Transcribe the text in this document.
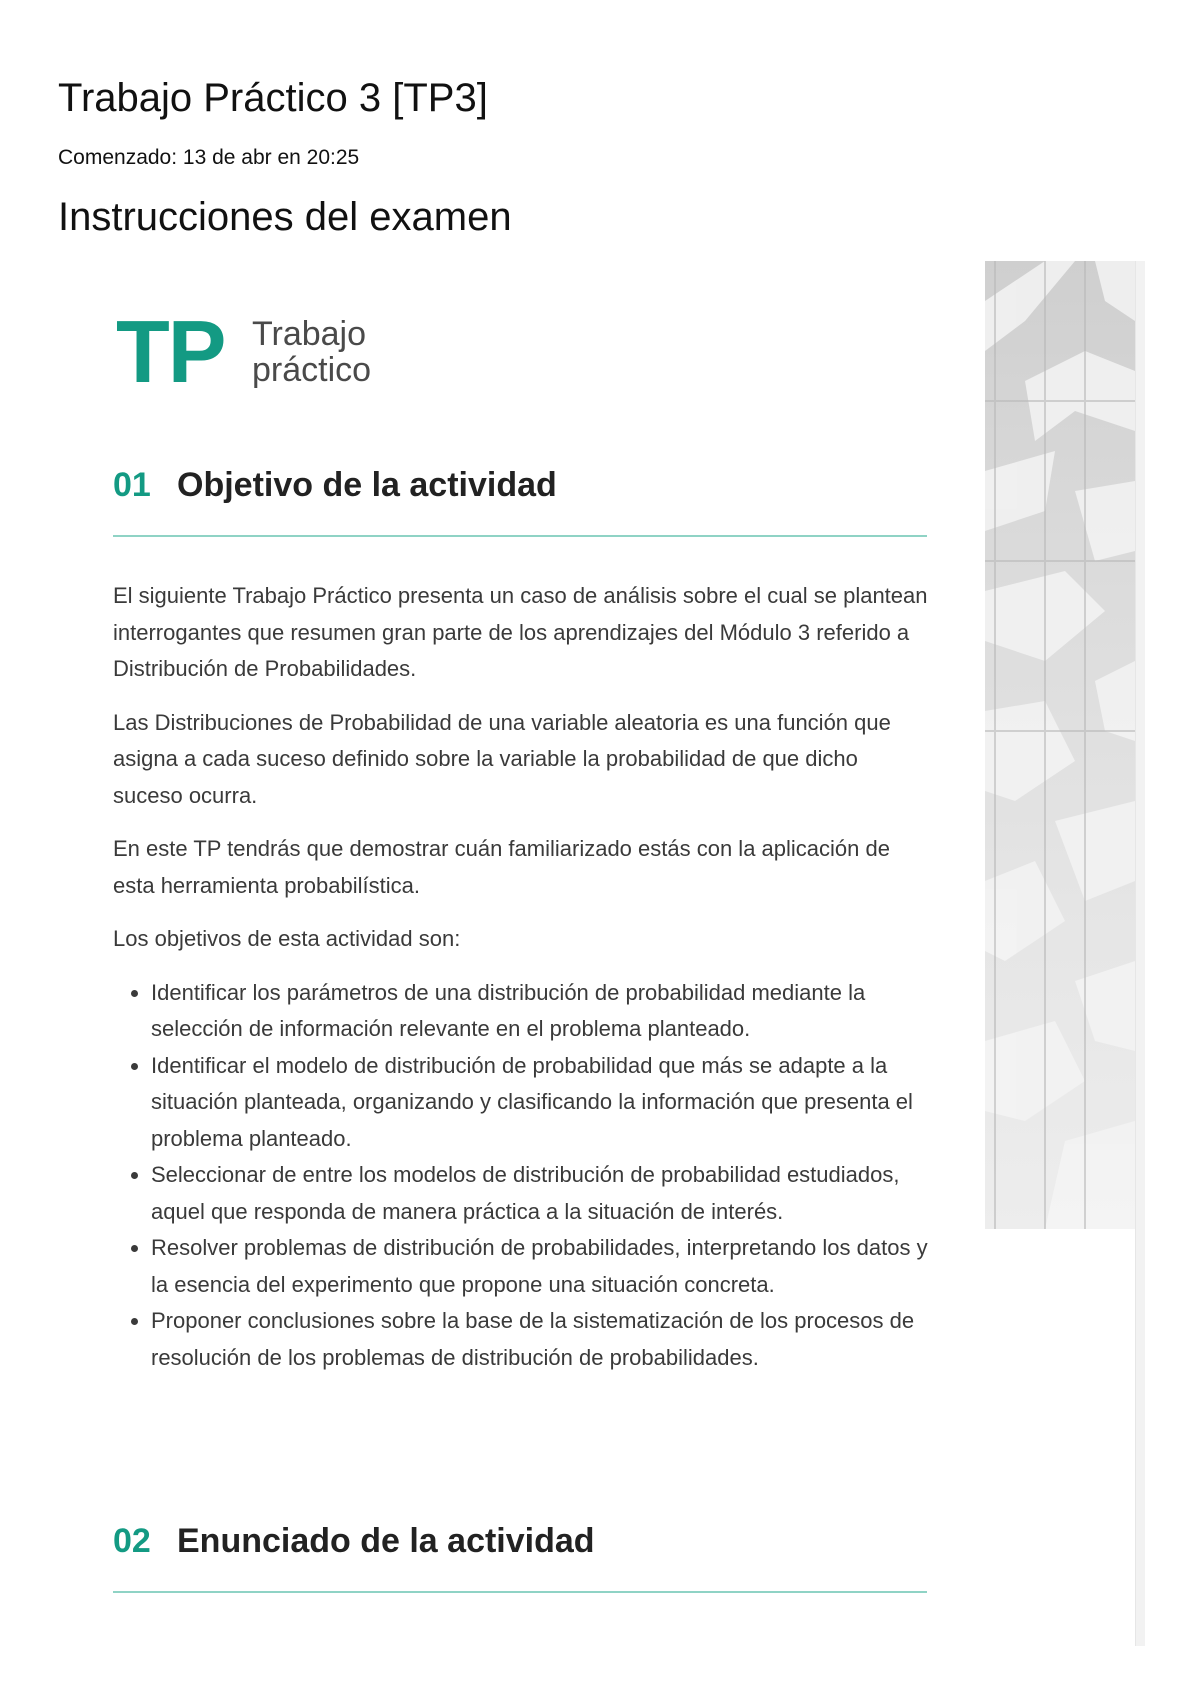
Trabajo Práctico 3 [TP3]
Comenzado: 13 de abr en 20:25
Instrucciones del examen
TP Trabajo
práctico
01 Objetivo de la actividad

El siguiente Trabajo Práctico presenta un caso de análisis sobre el cual se plantean interrogantes que resumen gran parte de los aprendizajes del Módulo 3 referido a Distribución de Probabilidades.

Las Distribuciones de Probabilidad de una variable aleatoria es una función que asigna a cada suceso definido sobre la variable la probabilidad de que dicho suceso ocurra.

En este TP tendrás que demostrar cuán familiarizado estás con la aplicación de esta herramienta probabilística.

Los objetivos de esta actividad son:

• Identificar los parámetros de una distribución de probabilidad mediante la selección de información relevante en el problema planteado.
• Identificar el modelo de distribución de probabilidad que más se adapte a la situación planteada, organizando y clasificando la información que presenta el problema planteado.
• Seleccionar de entre los modelos de distribución de probabilidad estudiados, aquel que responda de manera práctica a la situación de interés.
• Resolver problemas de distribución de probabilidades, interpretando los datos y la esencia del experimento que propone una situación concreta.
• Proponer conclusiones sobre la base de la sistematización de los procesos de resolución de los problemas de distribución de probabilidades.
02 Enunciado de la actividad
